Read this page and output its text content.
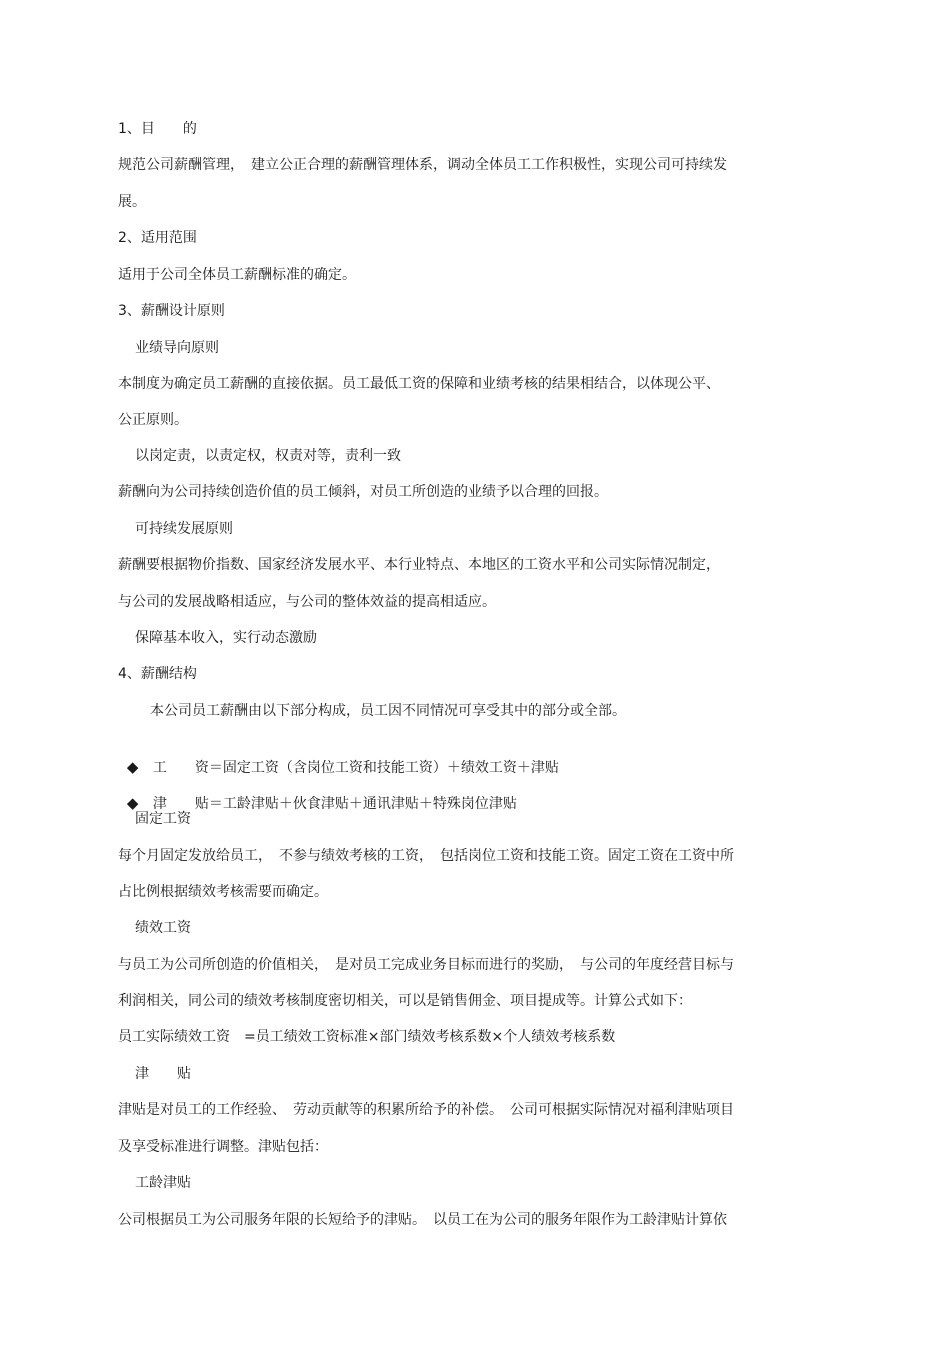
1、目　　的

规范公司薪酬管理，　建立公正合理的薪酬管理体系，调动全体员工工作积极性，实现公司可持续发

展。

2、适用范围

适用于公司全体员工薪酬标准的确定。

3、薪酬设计原则

业绩导向原则

本制度为确定员工薪酬的直接依据。员工最低工资的保障和业绩考核的结果相结合，以体现公平、

公正原则。

以岗定责，以责定权，权责对等，责利一致

薪酬向为公司持续创造价值的员工倾斜，对员工所创造的业绩予以合理的回报。

可持续发展原则

薪酬要根据物价指数、国家经济发展水平、本行业特点、本地区的工资水平和公司实际情况制定，

与公司的发展战略相适应，与公司的整体效益的提高相适应。

保障基本收入，实行动态激励

4、薪酬结构

本公司员工薪酬由以下部分构成，员工因不同情况可享受其中的部分或全部。

◆ 工　　资＝固定工资（含岗位工资和技能工资）＋绩效工资＋津贴

◆ 津　　贴＝工龄津贴＋伙食津贴＋通讯津贴＋特殊岗位津贴

固定工资

每个月固定发放给员工，　不参与绩效考核的工资，　包括岗位工资和技能工资。固定工资在工资中所

占比例根据绩效考核需要而确定。

绩效工资

与员工为公司所创造的价值相关，　是对员工完成业务目标而进行的奖励，　与公司的年度经营目标与

利润相关，同公司的绩效考核制度密切相关，可以是销售佣金、项目提成等。计算公式如下：

员工实际绩效工资　=员工绩效工资标准×部门绩效考核系数×个人绩效考核系数

津　　贴

津贴是对员工的工作经验、　劳动贡献等的积累所给予的补偿。　公司可根据实际情况对福利津贴项目

及享受标准进行调整。津贴包括：

工龄津贴

公司根据员工为公司服务年限的长短给予的津贴。　以员工在为公司的服务年限作为工龄津贴计算依
